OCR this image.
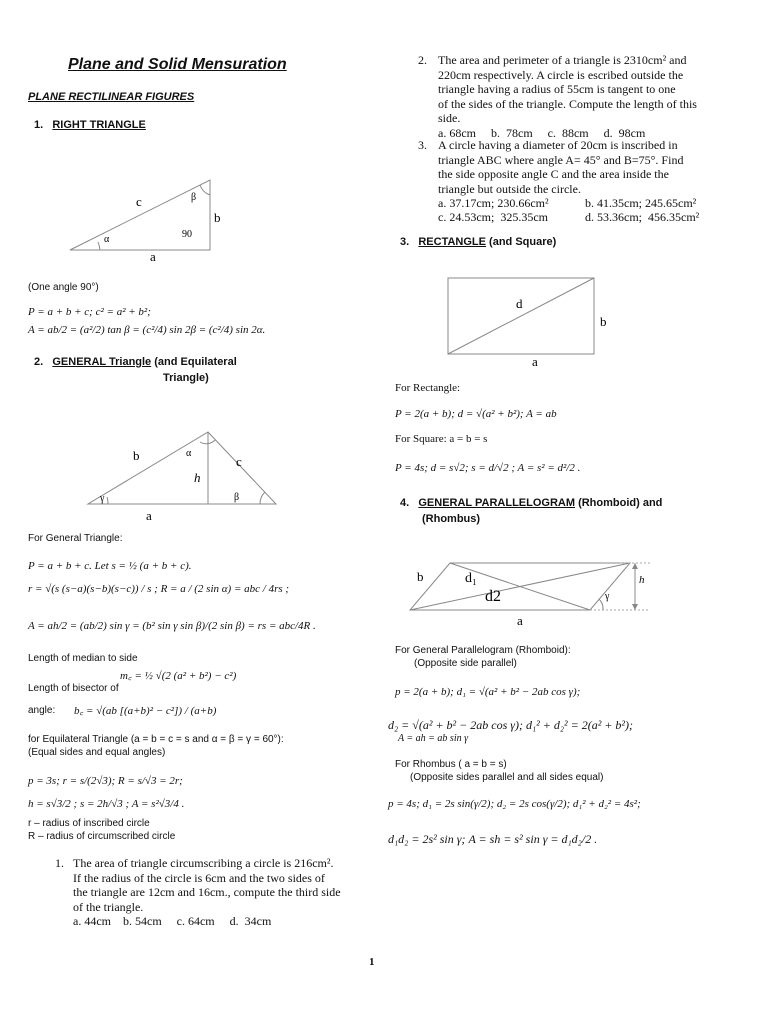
Plane and Solid Mensuration
PLANE RECTILINEAR FIGURES
1. RIGHT TRIANGLE
c
b
a
α
β
90
(One angle 90°)
P = a + b + c; c² = a² + b²;
A = ab/2 = (a²/2) tan β = (c²/4) sin 2β = (c²/4) sin 2α.
2. GENERAL Triangle (and Equilateral
Triangle)
b	c
a
h
α
β
γ
For General Triangle:
P = a + b + c. Let s = ½ (a + b + c).
r = √(s (s−a)(s−b)(s−c)) / s ; R = a / (2 sin α) = abc / 4rs ;
A = ah/2 = (ab/2) sin γ = (b² sin γ sin β)/(2 sin β) = rs = abc/4R .
Length of median to side
m꜀ = ½ √(2 (a² + b²) − c²)
Length of bisector of
angle: b꜀ = √(ab [(a+b)² − c²]) / (a+b)
for Equilateral Triangle (a = b = c = s and α = β = γ = 60°):
(Equal sides and equal angles)
p = 3s; r = s/(2√3); R = s/√3 = 2r;
h = s√3/2 ; s = 2h/√3 ; A = s²√3/4 .
r – radius of inscribed circle
R – radius of circumscribed circle
1. The area of triangle circumscribing a circle is 216cm².
If the radius of the circle is 6cm and the two sides of
the triangle are 12cm and 16cm., compute the third side
of the triangle.
a. 44cm    b. 54cm     c. 64cm     d.  34cm
2. The area and perimeter of a triangle is 2310cm² and
220cm respectively. A circle is escribed outside the
triangle having a radius of 55cm is tangent to one
of the sides of the triangle. Compute the length of this
side.
a. 68cm     b.  78cm     c.  88cm     d.  98cm
3. A circle having a diameter of 20cm is inscribed in
triangle ABC where angle A= 45° and B=75°. Find
the side opposite angle C and the area inside the
triangle but outside the circle.
a. 37.17cm; 230.66cm²	b. 41.35cm; 245.65cm²
c. 24.53cm;  325.35cm	d. 53.36cm;  456.35cm²
3. RECTANGLE (and Square)
d
b
a
For Rectangle:
P = 2(a + b); d = √(a² + b²); A = ab
For Square: a = b = s
P = 4s; d = s√2; s = d/√2 ; A = s² = d²/2 .
4. GENERAL PARALLELOGRAM (Rhomboid) and
(Rhombus)
b	d₁
d2
h
γ
a
For General Parallelogram (Rhomboid):
(Opposite side parallel)
p = 2(a + b); d₁ = √(a² + b² − 2ab cos γ);
d₂ = √(a² + b² − 2ab cos γ); d₁² + d₂² = 2(a² + b²);
A = ah = ab sin γ
For Rhombus ( a = b = s)
(Opposite sides parallel and all sides equal)
p = 4s; d₁ = 2s sin(γ/2); d₂ = 2s cos(γ/2); d₁² + d₂² = 4s²;
d₁d₂ = 2s² sin γ; A = sh = s² sin γ = d₁d₂/2 .
1
